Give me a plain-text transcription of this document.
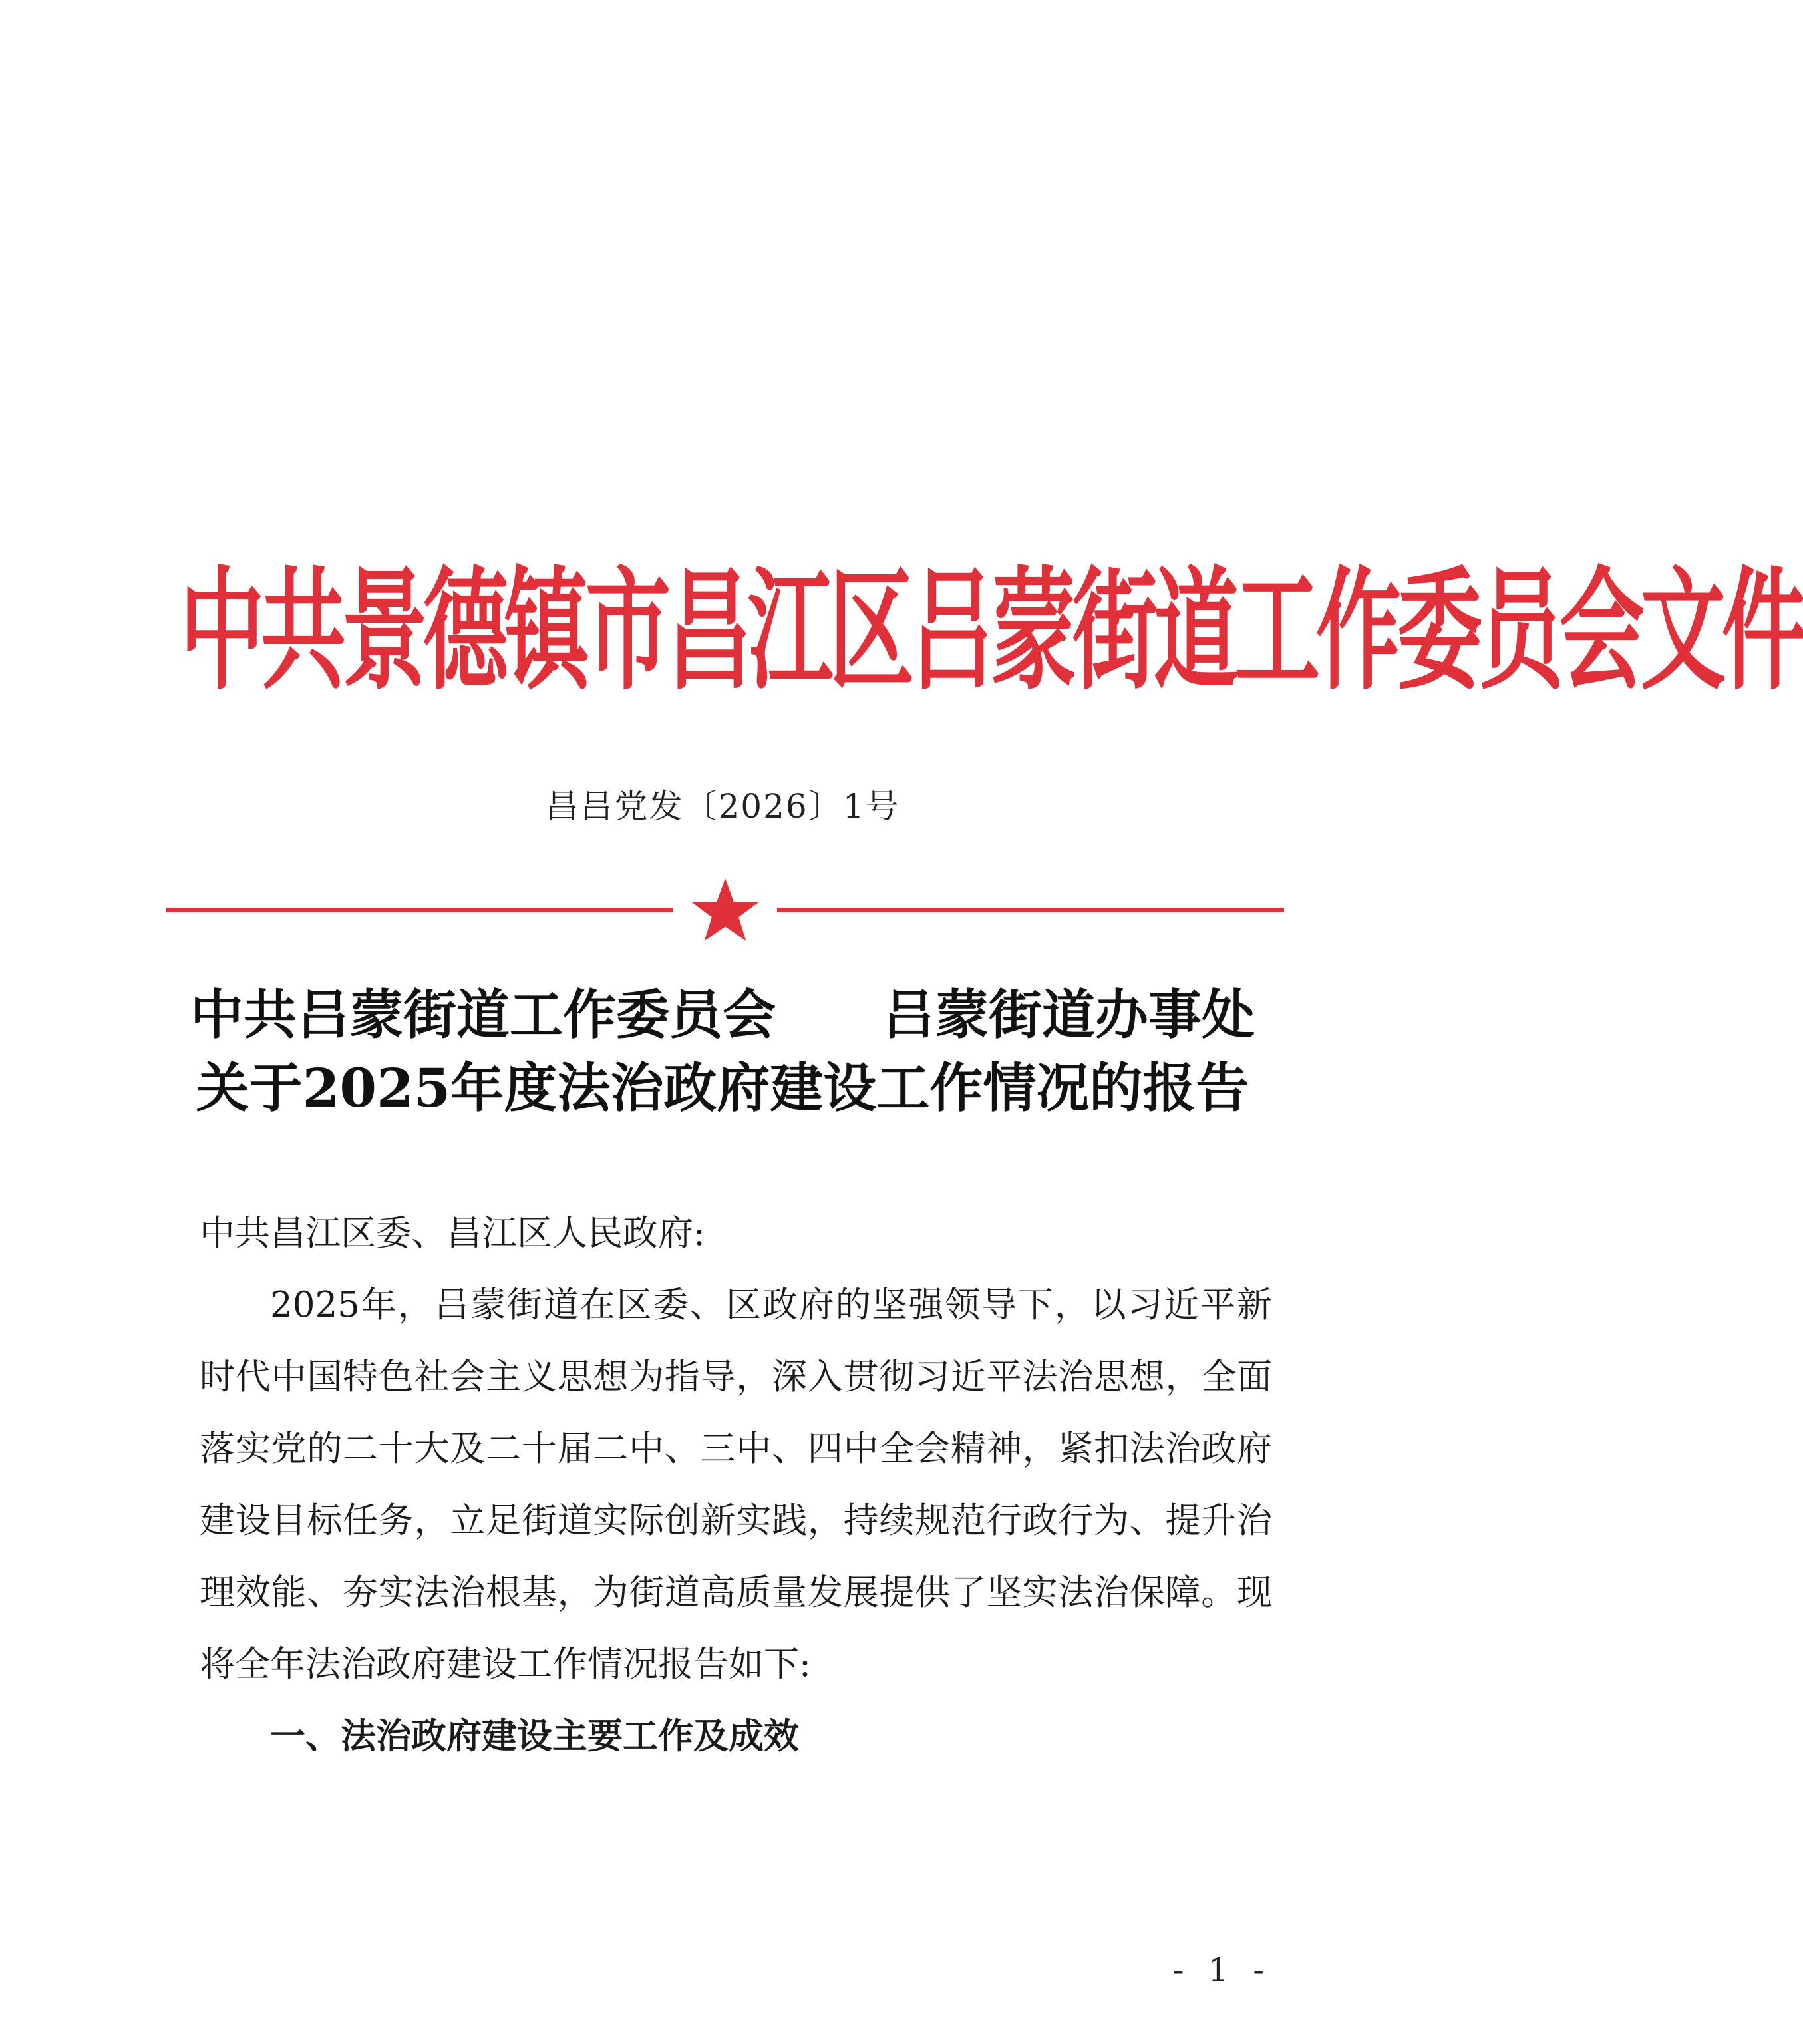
中共景德镇市昌江区吕蒙街道工作委员会文件
昌吕党发〔2026〕1号
中共吕蒙街道工作委员会　　吕蒙街道办事处
关于2025年度法治政府建设工作情况的报告
中共昌江区委、昌江区人民政府:

2025年，吕蒙街道在区委、区政府的坚强领导下，以习近平新时代中国特色社会主义思想为指导，深入贯彻习近平法治思想，全面落实党的二十大及二十届二中、三中、四中全会精神，紧扣法治政府建设目标任务，立足街道实际创新实践，持续规范行政行为、提升治理效能、夯实法治根基，为街道高质量发展提供了坚实法治保障。现将全年法治政府建设工作情况报告如下:

一、法治政府建设主要工作及成效
- 1 -
